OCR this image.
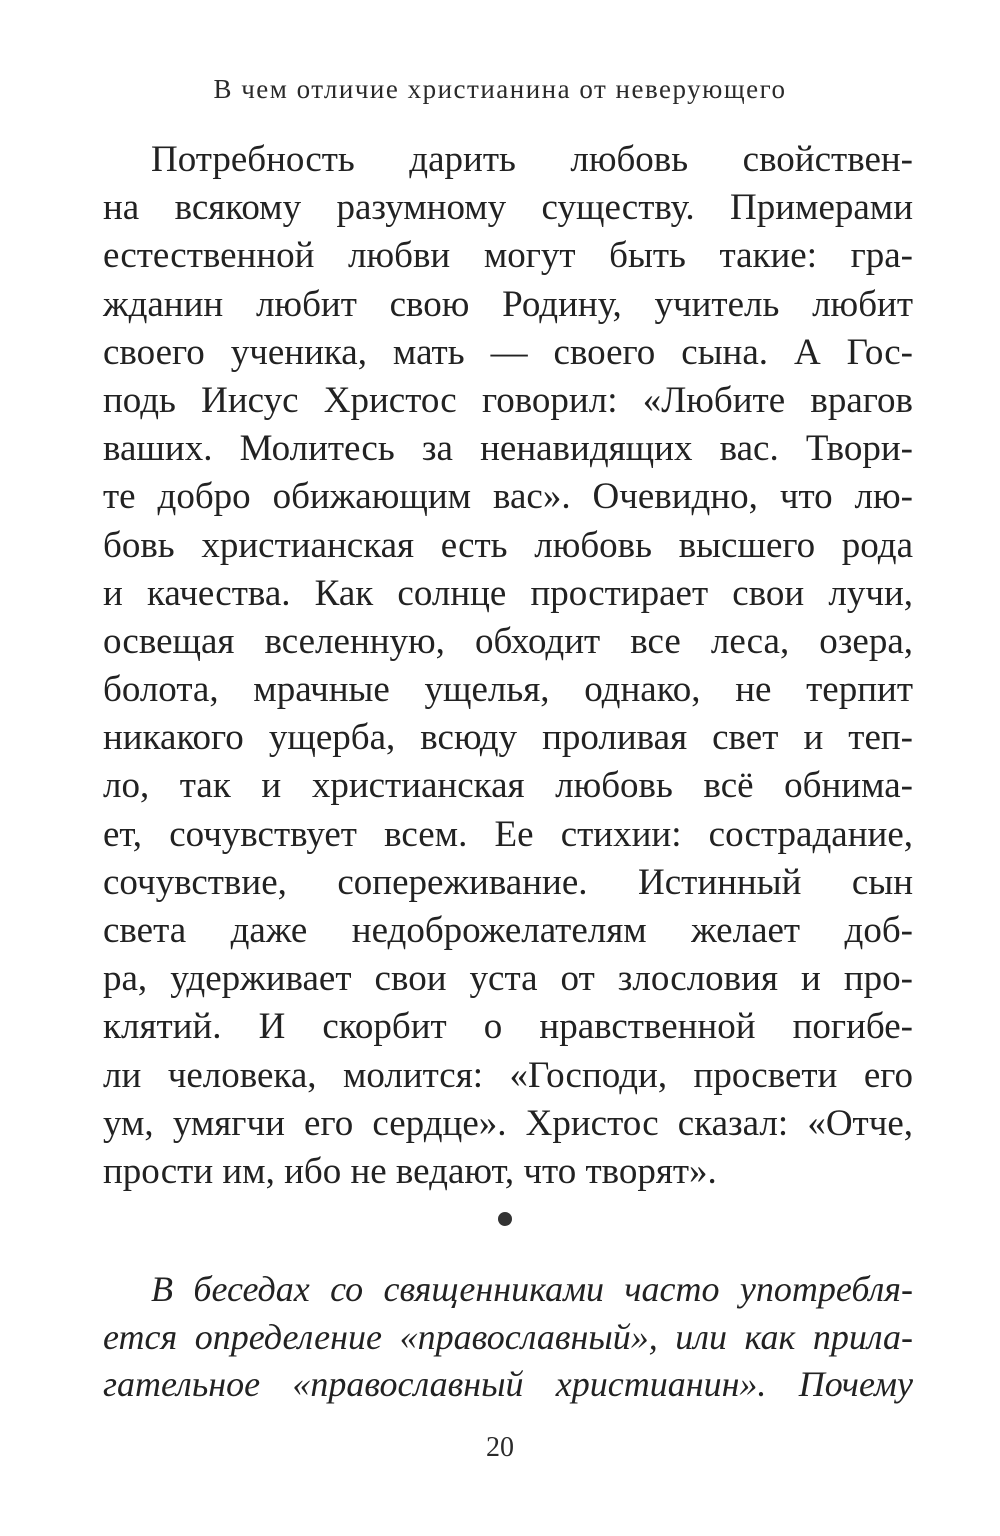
В чем отличие христианина от неверующего
Потребность дарить любовь свойствен-
на всякому разумному существу. Примерами
естественной любви могут быть такие: гра-
жданин любит свою Родину, учитель любит
своего ученика, мать — своего сына. А Гос-
подь Иисус Христос говорил: «Любите врагов
ваших. Молитесь за ненавидящих вас. Твори-
те добро обижающим вас». Очевидно, что лю-
бовь христианская есть любовь высшего рода
и качества. Как солнце простирает свои лучи,
освещая вселенную, обходит все леса, озера,
болота, мрачные ущелья, однако, не терпит
никакого ущерба, всюду проливая свет и теп-
ло, так и христианская любовь всё обнима-
ет, сочувствует всем. Ее стихии: сострадание,
сочувствие, сопереживание. Истинный сын
света даже недоброжелателям желает доб-
ра, удерживает свои уста от злословия и про-
клятий. И скорбит о нравственной погибе-
ли человека, молится: «Господи, просвети его
ум, умягчи его сердце». Христос сказал: «Отче,
прости им, ибо не ведают, что творят».
В беседах со священниками часто употребля-
ется определение «православный», или как прила-
гательное «православный христианин». Почему
20
